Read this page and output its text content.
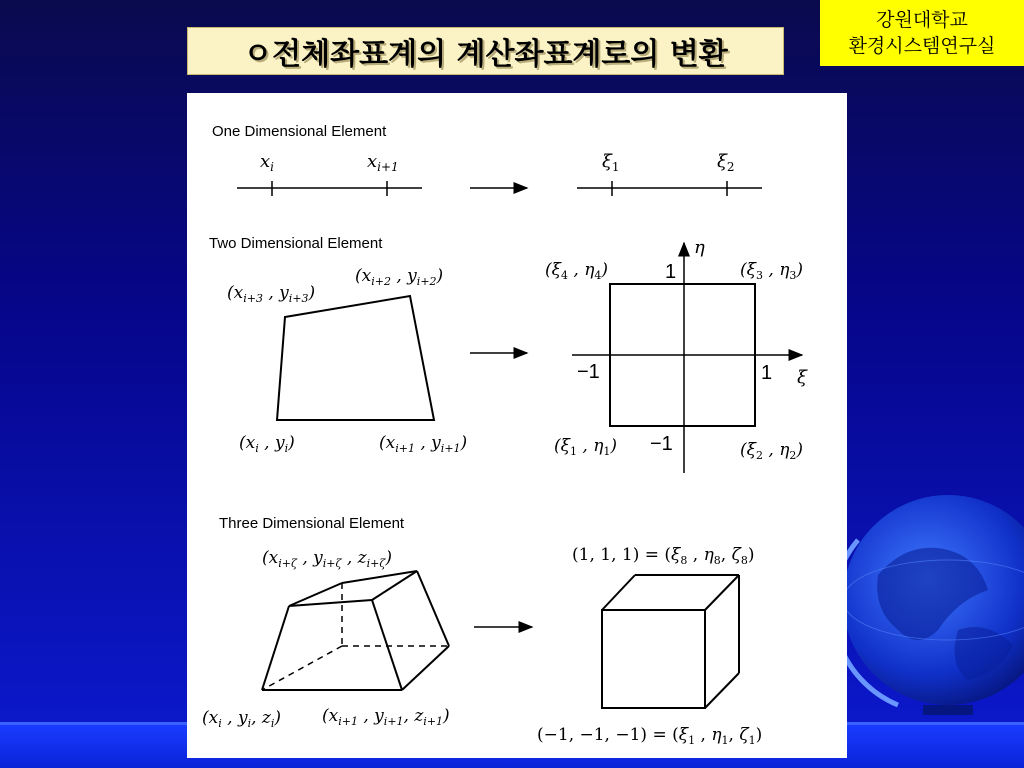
ㅇ전체좌표계의 계산좌표계로의 변환
강원대학교
환경시스템연구실
One Dimensional Element
$x_i$	$x_{i+1}$	$\xi_1$	$\xi_2$
Two Dimensional Element
($x_{i+3}$ , $y_{i+3}$)
($x_{i+2}$ , $y_{i+2}$)
($x_i$ , $y_i$)	($x_{i+1}$ , $y_{i+1}$)
η
ξ
1
1
−1
−1
($\xi_4$ , $\eta_4$)	($\xi_3$ , $\eta_3$)
($\xi_1$ , $\eta_1$)	($\xi_2$ , $\eta_2$)
Three Dimensional Element
($x_{i+\zeta}$ , $y_{i+\zeta}$ , $z_{i+\zeta}$)
($x_i$ , $y_i$, $z_i$) ($x_{i+1}$ , $y_{i+1}$, $z_{i+1}$)
(1, 1, $1) = (\xi_8$ , $\eta_8$, $\zeta_8$)
(−1, −1, $-1) = (\xi_1$ , $\eta_1$, $\zeta_1$)
